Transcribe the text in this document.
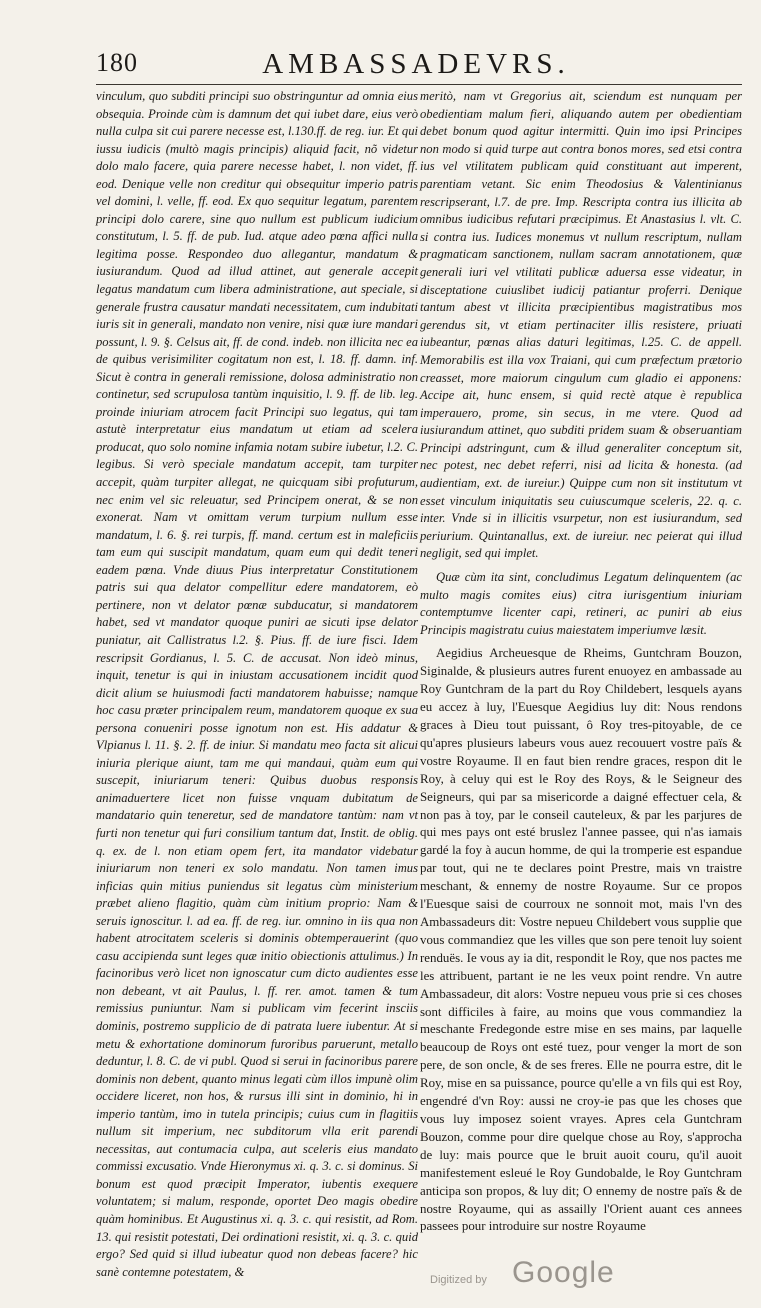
180	AMBASSADEVRS.

vinculum, quo subditi principi suo obstringuntur ad omnia eius obsequia. Proinde cùm is damnum det qui iubet dare, eius verò nulla culpa sit cui parere necesse est, l.130.ff. de reg. iur. Et qui iussu iudicis (multò magis principis) aliquid facit, nõ videtur dolo malo facere, quia parere necesse habet, l. non videt, ff. eod. Denique velle non creditur qui obsequitur imperio patris vel domini, l. velle, ff. eod. Ex quo sequitur legatum, parentem principi dolo carere, sine quo nullum est publicum iudicium constitutum, l. 5. ff. de pub. Iud. atque adeo pœna affici nulla legitima posse. Respondeo duo allegantur, mandatum & iusiurandum. Quod ad illud attinet, aut generale accepit legatus mandatum cum libera administratione, aut speciale, si generale frustra causatur mandati necessitatem, cum indubitati iuris sit in generali, mandato non venire, nisi quæ iure mandari possunt, l. 9. §. Celsus ait, ff. de cond. indeb. non illicita nec ea de quibus verisimiliter cogitatum non est, l. 18. ff. damn. inf. Sicut è contra in generali remissione, dolosa administratio non continetur, sed scrupulosa tantùm inquisitio, l. 9. ff. de lib. leg. proinde iniuriam atrocem facit Principi suo legatus, qui tam astutè interpretatur eius mandatum ut etiam ad scelera producat, quo solo nomine infamia notam subire iubetur, l.2. C. legibus. Si verò speciale mandatum accepit, tam turpiter accepit, quàm turpiter allegat, ne quicquam sibi profuturum, nec enim vel sic releuatur, sed Principem onerat, & se non exonerat. Nam vt omittam verum turpium nullum esse mandatum, l. 6. §. rei turpis, ff. mand. certum est in maleficiis tam eum qui suscipit mandatum, quam eum qui dedit teneri eadem pœna. Vnde diuus Pius interpretatur Constitutionem patris sui qua delator compellitur edere mandatorem, eò pertinere, non vt delator pœnæ subducatur, si mandatorem habet, sed vt mandator quoque puniri ae sicuti ipse delator puniatur, ait Callistratus l.2. §. Pius. ff. de iure fisci. Idem rescripsit Gordianus, l. 5. C. de accusat. Non ideò minus, inquit, tenetur is qui in iniustam accusationem incidit quod dicit alium se huiusmodi facti mandatorem habuisse; namque hoc casu præter principalem reum, mandatorem quoque ex sua persona conueniri posse ignotum non est. His addatur & Vlpianus l. 11. §. 2. ff. de iniur. Si mandatu meo facta sit alicui iniuria plerique aiunt, tam me qui mandaui, quàm eum qui suscepit, iniuriarum teneri: Quibus duobus responsis animaduertere licet non fuisse vnquam dubitatum de mandatario quin teneretur, sed de mandatore tantùm: nam vt furti non tenetur qui furi consilium tantum dat, Instit. de oblig. q. ex. de l. non etiam opem fert, ita mandator videbatur iniuriarum non teneri ex solo mandatu. Non tamen imus inficias quin mitius puniendus sit legatus cùm ministerium præbet alieno flagitio, quàm cùm initium proprio: Nam & seruis ignoscitur. l. ad ea. ff. de reg. iur. omnino in iis qua non habent atrocitatem sceleris si dominis obtemperauerint (quo casu accipienda sunt leges quæ initio obiectionis attulimus.) In facinoribus verò licet non ignoscatur cum dicto audientes esse non debeant, vt ait Paulus, l. ff. rer. amot. tamen & tum remissius puniuntur. Nam si publicam vim fecerint insciis dominis, postremo supplicio de di patrata luere iubentur. At si metu & exhortatione dominorum furoribus paruerunt, metallo deduntur, l. 8. C. de vi publ. Quod si serui in facinoribus parere dominis non debent, quanto minus legati cùm illos impunè olim occidere liceret, non hos, & rursus illi sint in dominio, hi in imperio tantùm, imo in tutela principis; cuius cum in flagitiis nullum sit imperium, nec subditorum vlla erit parendi necessitas, aut contumacia culpa, aut sceleris eius mandato commissi excusatio. Vnde Hieronymus xi. q. 3. c. si dominus. Si bonum est quod præcipit Imperator, iubentis exequere voluntatem; si malum, responde, oportet Deo magis obedire quàm hominibus. Et Augustinus xi. q. 3. c. qui resistit, ad Rom. 13. qui resistit potestati, Dei ordinationi resistit, xi. q. 3. c. quid ergo? Sed quid si illud iubeatur quod non debeas facere? hic sanè contemne potestatem, &

meritò, nam vt Gregorius ait, sciendum est nunquam per obedientiam malum fieri, aliquando autem per obedientiam debet bonum quod agitur intermitti. Quin imo ipsi Principes non modo si quid turpe aut contra bonos mores, sed etsi contra ius vel vtilitatem publicam quid constituant aut imperent, parentiam vetant. Sic enim Theodosius & Valentinianus rescripserant, l.7. de pre. Imp. Rescripta contra ius illicita ab omnibus iudicibus refutari præcipimus. Et Anastasius l. vlt. C. si contra ius. Iudices monemus vt nullum rescriptum, nullam pragmaticam sanctionem, nullam sacram annotationem, quæ generali iuri vel vtilitati publicæ aduersa esse videatur, in disceptatione cuiuslibet iudicij patiantur proferri. Denique tantum abest vt illicita præcipientibus magistratibus mos gerendus sit, vt etiam pertinaciter illis resistere, priuati iubeantur, pœnas alias daturi legitimas, l.25. C. de appell. Memorabilis est illa vox Traiani, qui cum præfectum prætorio creasset, more maiorum cingulum cum gladio ei apponens: Accipe ait, hunc ensem, si quid rectè atque è republica imperauero, prome, sin secus, in me vtere. Quod ad iusiurandum attinet, quo subditi pridem suam & obseruantiam Principi adstringunt, cum & illud generaliter conceptum sit, nec potest, nec debet referri, nisi ad licita & honesta. (ad audientiam, ext. de iureiur.) Quippe cum non sit institutum vt esset vinculum iniquitatis seu cuiuscumque sceleris, 22. q. c. inter. Vnde si in illicitis vsurpetur, non est iusiurandum, sed periurium. Quintanallus, ext. de iureiur. nec peierat qui illud negligit, sed qui implet.

Quæ cùm ita sint, concludimus Legatum delinquentem (ac multo magis comites eius) citra iurisgentium iniuriam contemptumve licenter capi, retineri, ac puniri ab eius Principis magistratu cuius maiestatem imperiumve læsit.

Aegidius Archeuesque de Rheims, Guntchram Bouzon, Siginalde, & plusieurs autres furent enuoyez en ambassade au Roy Guntchram de la part du Roy Childebert, lesquels ayans eu accez à luy, l'Euesque Aegidius luy dit: Nous rendons graces à Dieu tout puissant, ô Roy tres-pitoyable, de ce qu'apres plusieurs labeurs vous auez recouuert vostre païs & vostre Royaume. Il en faut bien rendre graces, respon dit le Roy, à celuy qui est le Roy des Roys, & le Seigneur des Seigneurs, qui par sa misericorde a daigné effectuer cela, & non pas à toy, par le conseil cauteleux, & par les parjures de qui mes pays ont esté bruslez l'annee passee, qui n'as iamais gardé la foy à aucun homme, de qui la tromperie est espandue par tout, qui ne te declares point Prestre, mais vn traistre meschant, & ennemy de nostre Royaume. Sur ce propos l'Euesque saisi de courroux ne sonnoit mot, mais l'vn des Ambassadeurs dit: Vostre nepueu Childebert vous supplie que vous commandiez que les villes que son pere tenoit luy soient renduës. Ie vous ay ia dit, respondit le Roy, que nos pactes me les attribuent, partant ie ne les veux point rendre. Vn autre Ambassadeur, dit alors: Vostre nepueu vous prie si ces choses sont difficiles à faire, au moins que vous commandiez la meschante Fredegonde estre mise en ses mains, par laquelle beaucoup de Roys ont esté tuez, pour venger la mort de son pere, de son oncle, & de ses freres. Elle ne pourra estre, dit le Roy, mise en sa puissance, pource qu'elle a vn fils qui est Roy, engendré d'vn Roy: aussi ne croy-ie pas que les choses que vous luy imposez soient vrayes. Apres cela Guntchram Bouzon, comme pour dire quelque chose au Roy, s'approcha de luy: mais pource que le bruit auoit couru, qu'il auoit manifestement esleué le Roy Gundobalde, le Roy Guntchram anticipa son propos, & luy dit; O ennemy de nostre païs & de nostre Royaume, qui as assailly l'Orient auant ces annees passees pour introduire sur nostre Royaume

Digitized by Google
